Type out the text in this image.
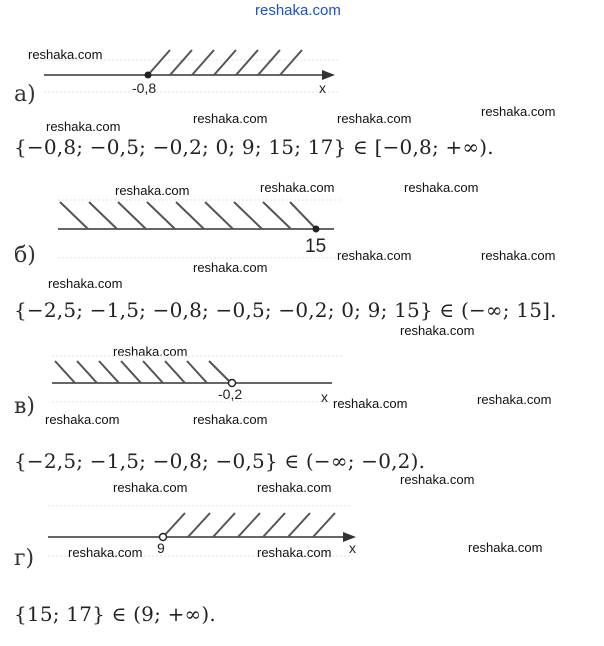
reshaka.com
-0,8	x
reshaka.com
а)
reshaka.com
reshaka.com	reshaka.com	reshaka.com
{−0,8; −0,5; −0,2; 0; 9; 15; 17} ∈ [−0,8; +∞).
reshaka.com	reshaka.com	reshaka.com
15
б)	reshaka.com	reshaka.com
reshaka.com
reshaka.com
{−2,5; −1,5; −0,8; −0,5; −0,2; 0; 9; 15} ∈ (−∞; 15].
reshaka.com
reshaka.com
-0,2	x
в)
reshaka.com	reshaka.com
reshaka.com	reshaka.com
{−2,5; −1,5; −0,8; −0,5} ∈ (−∞; −0,2).
reshaka.com
reshaka.com	reshaka.com
9	x
г)	reshaka.com	reshaka.com	reshaka.com
{15; 17} ∈ (9; +∞).
